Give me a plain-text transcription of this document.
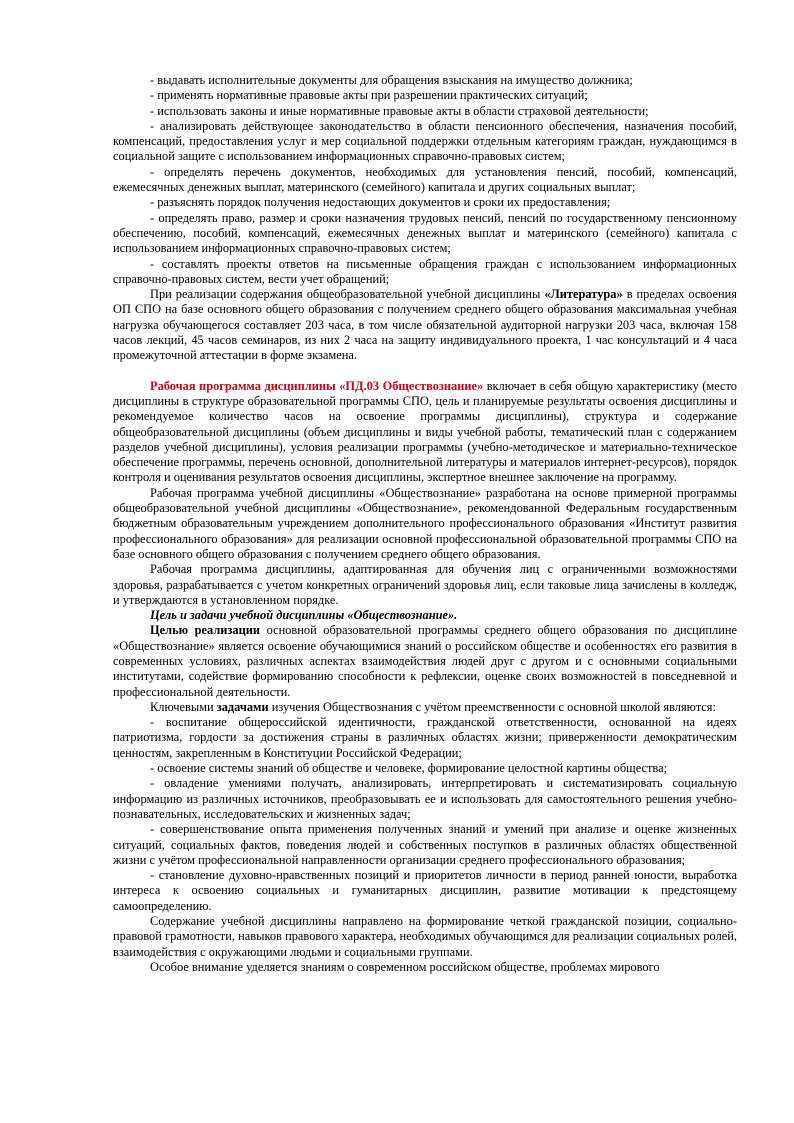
- выдавать исполнительные документы для обращения взыскания на имущество должника;

- применять нормативные правовые акты при разрешении практических ситуаций;

- использовать законы и иные нормативные правовые акты в области страховой деятельности;

- анализировать действующее законодательство в области пенсионного обеспечения, назначения пособий, компенсаций, предоставления услуг и мер социальной поддержки отдельным категориям граждан, нуждающимся в социальной защите с использованием информационных справочно-правовых систем;

- определять перечень документов, необходимых для установления пенсий, пособий, компенсаций, ежемесячных денежных выплат, материнского (семейного) капитала и других социальных выплат;

- разъяснять порядок получения недостающих документов и сроки их предоставления;

- определять право, размер и сроки назначения трудовых пенсий, пенсий по государственному пенсионному обеспечению, пособий, компенсаций, ежемесячных денежных выплат и материнского (семейного) капитала с использованием информационных справочно-правовых систем;

- составлять проекты ответов на письменные обращения граждан с использованием информационных справочно-правовых систем, вести учет обращений;

При реализации содержания общеобразовательной учебной дисциплины «Литература» в пределах освоения ОП СПО на базе основного общего образования с получением среднего общего образования максимальная учебная нагрузка обучающегося составляет 203 часа, в том числе обязательной аудиторной нагрузки 203 часа, включая 158 часов лекций, 45 часов семинаров, из них 2 часа на защиту индивидуального проекта, 1 час консультаций и 4 часа промежуточной аттестации в форме экзамена.

Рабочая программа дисциплины «ПД.03 Обществознание» включает в себя общую характеристику (место дисциплины в структуре образовательной программы СПО, цель и планируемые результаты освоения дисциплины и рекомендуемое количество часов на освоение программы дисциплины), структура и содержание общеобразовательной дисциплины (объем дисциплины и виды учебной работы, тематический план с содержанием разделов учебной дисциплины), условия реализации программы (учебно-методическое и материально-техническое обеспечение программы, перечень основной, дополнительной литературы и материалов интернет-ресурсов), порядок контроля и оценивания результатов освоения дисциплины, экспертное внешнее заключение на программу.

Рабочая программа учебной дисциплины «Обществознание» разработана на основе примерной программы общеобразовательной учебной дисциплины «Обществознание», рекомендованной Федеральным государственным бюджетным образовательным учреждением дополнительного профессионального образования «Институт развития профессионального образования» для реализации основной профессиональной образовательной программы СПО на базе основного общего образования с получением среднего общего образования.

Рабочая программа дисциплины, адаптированная для обучения лиц с ограниченными возможностями здоровья, разрабатывается с учетом конкретных ограничений здоровья лиц, если таковые лица зачислены в колледж, и утверждаются в установленном порядке.

Цель и задачи учебной дисциплины «Обществознание».

Целью реализации основной образовательной программы среднего общего образования по дисциплине «Обществознание» является освоение обучающимися знаний о российском обществе и особенностях его развития в современных условиях, различных аспектах взаимодействия людей друг с другом и с основными социальными институтами, содействие формированию способности к рефлексии, оценке своих возможностей в повседневной и профессиональной деятельности.

Ключевыми задачами изучения Обществознания с учётом преемственности с основной школой являются:

- воспитание общероссийской идентичности, гражданской ответственности, основанной на идеях патриотизма, гордости за достижения страны в различных областях жизни; приверженности демократическим ценностям, закрепленным в Конституции Российской Федерации;

- освоение системы знаний об обществе и человеке, формирование целостной картины общества;

- овладение умениями получать, анализировать, интерпретировать и систематизировать социальную информацию из различных источников, преобразовывать ее и использовать для самостоятельного решения учебно-познавательных, исследовательских и жизненных задач;

- совершенствование опыта применения полученных знаний и умений при анализе и оценке жизненных ситуаций, социальных фактов, поведения людей и собственных поступков в различных областях общественной жизни с учётом профессиональной направленности организации среднего профессионального образования;

- становление духовно-нравственных позиций и приоритетов личности в период ранней юности, выработка интереса к освоению социальных и гуманитарных дисциплин, развитие мотивации к предстоящему самоопределению.

Содержание учебной дисциплины направлено на формирование четкой гражданской позиции, социально-правовой грамотности, навыков правового характера, необходимых обучающимся для реализации социальных ролей, взаимодействия с окружающими людьми и социальными группами.

Особое внимание уделяется знаниям о современном российском обществе, проблемах мирового
